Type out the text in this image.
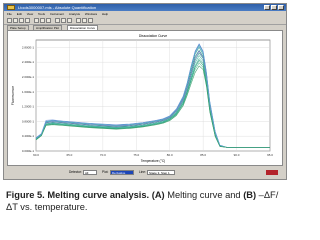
Ltools3000007.mls - Absolute Quantification
File Edit View Tools Instrument Analysis Windows Help
Plate Setup	Amplification Plot	Dissociation Curve
0.000E-1
0.400E-1
0.800E-1
1.200E-1
1.600E-1
2.000E-1
2.400E-1
2.800E-1
60.0	65.0	70.0	75.0	80.0	85.0	90.0	95.0
Dissociation Curve
Temperature (°C)
Fluorescence
Detector:	All	Plot:	Derivative	Line:	Stage 3, Step 1
Figure 5. Melting curve analysis. (A) Melting curve and (B) –ΔF/ΔT vs. temperature.
